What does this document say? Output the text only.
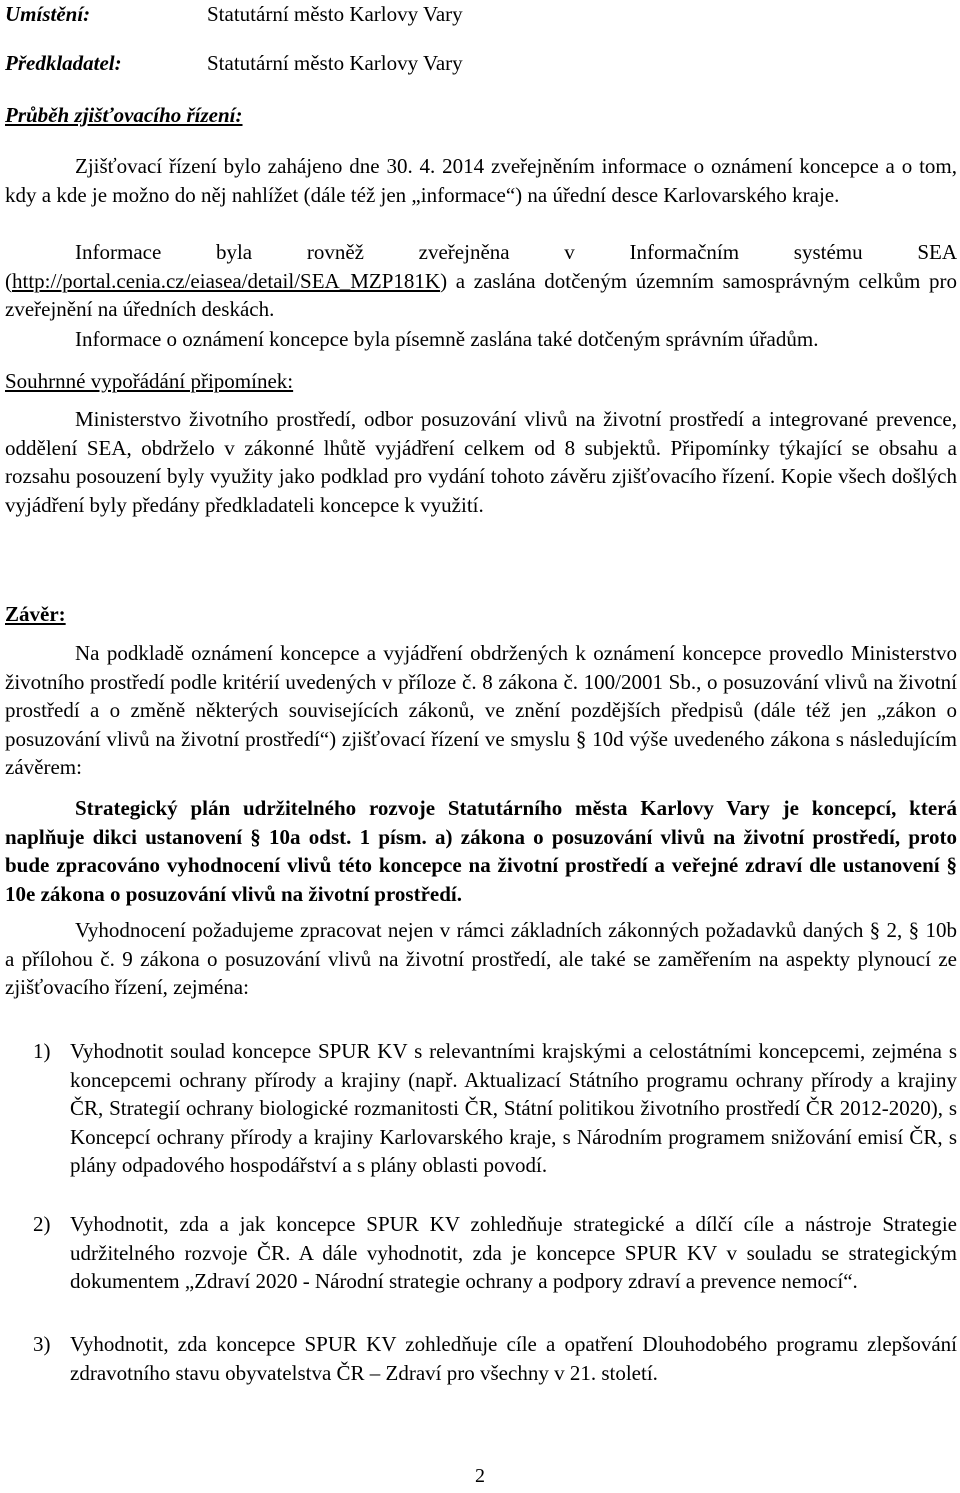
Umístění:	Statutární město Karlovy Vary
Předkladatel:	Statutární město Karlovy Vary
Průběh zjišťovacího řízení:
Zjišťovací řízení bylo zahájeno dne 30. 4. 2014 zveřejněním informace o oznámení koncepce a o tom, kdy a kde je možno do něj nahlížet (dále též jen „informace“) na úřední desce Karlovarského kraje.
Informace byla rovněž zveřejněna v Informačním systému SEA (http://portal.cenia.cz/eiasea/detail/SEA_MZP181K) a zaslána dotčeným územním samosprávným celkům pro zveřejnění na úředních deskách.
Informace o oznámení koncepce byla písemně zaslána také dotčeným správním úřadům.
Souhrnné vypořádání připomínek:
Ministerstvo životního prostředí, odbor posuzování vlivů na životní prostředí a integrované prevence, oddělení SEA, obdrželo v zákonné lhůtě vyjádření celkem od 8 subjektů. Připomínky týkající se obsahu a rozsahu posouzení byly využity jako podklad pro vydání tohoto závěru zjišťovacího řízení. Kopie všech došlých vyjádření byly předány předkladateli koncepce k využití.
Závěr:
Na podkladě oznámení koncepce a vyjádření obdržených k oznámení koncepce provedlo Ministerstvo životního prostředí podle kritérií uvedených v příloze č. 8 zákona č. 100/2001 Sb., o posuzování vlivů na životní prostředí a o změně některých souvisejících zákonů, ve znění pozdějších předpisů (dále též jen „zákon o posuzování vlivů na životní prostředí“) zjišťovací řízení ve smyslu § 10d výše uvedeného zákona s následujícím závěrem:
Strategický plán udržitelného rozvoje Statutárního města Karlovy Vary je koncepcí, která naplňuje dikci ustanovení § 10a odst. 1 písm. a) zákona o posuzování vlivů na životní prostředí, proto bude zpracováno vyhodnocení vlivů této koncepce na životní prostředí a veřejné zdraví dle ustanovení § 10e zákona o posuzování vlivů na životní prostředí.
Vyhodnocení požadujeme zpracovat nejen v rámci základních zákonných požadavků daných § 2, § 10b a přílohou č. 9 zákona o posuzování vlivů na životní prostředí, ale také se zaměřením na aspekty plynoucí ze zjišťovacího řízení, zejména:
1) Vyhodnotit soulad koncepce SPUR KV s relevantními krajskými a celostátními koncepcemi, zejména s koncepcemi ochrany přírody a krajiny (např. Aktualizací Státního programu ochrany přírody a krajiny ČR, Strategií ochrany biologické rozmanitosti ČR, Státní politikou životního prostředí ČR 2012-2020), s Koncepcí ochrany přírody a krajiny Karlovarského kraje, s Národním programem snižování emisí ČR, s plány odpadového hospodářství a s plány oblasti povodí.
2) Vyhodnotit, zda a jak koncepce SPUR KV zohledňuje strategické a dílčí cíle a nástroje Strategie udržitelného rozvoje ČR. A dále vyhodnotit, zda je koncepce SPUR KV v souladu se strategickým dokumentem „Zdraví 2020 - Národní strategie ochrany a podpory zdraví a prevence nemocí“.
3) Vyhodnotit, zda koncepce SPUR KV zohledňuje cíle a opatření Dlouhodobého programu zlepšování zdravotního stavu obyvatelstva ČR – Zdraví pro všechny v 21. století.
2
